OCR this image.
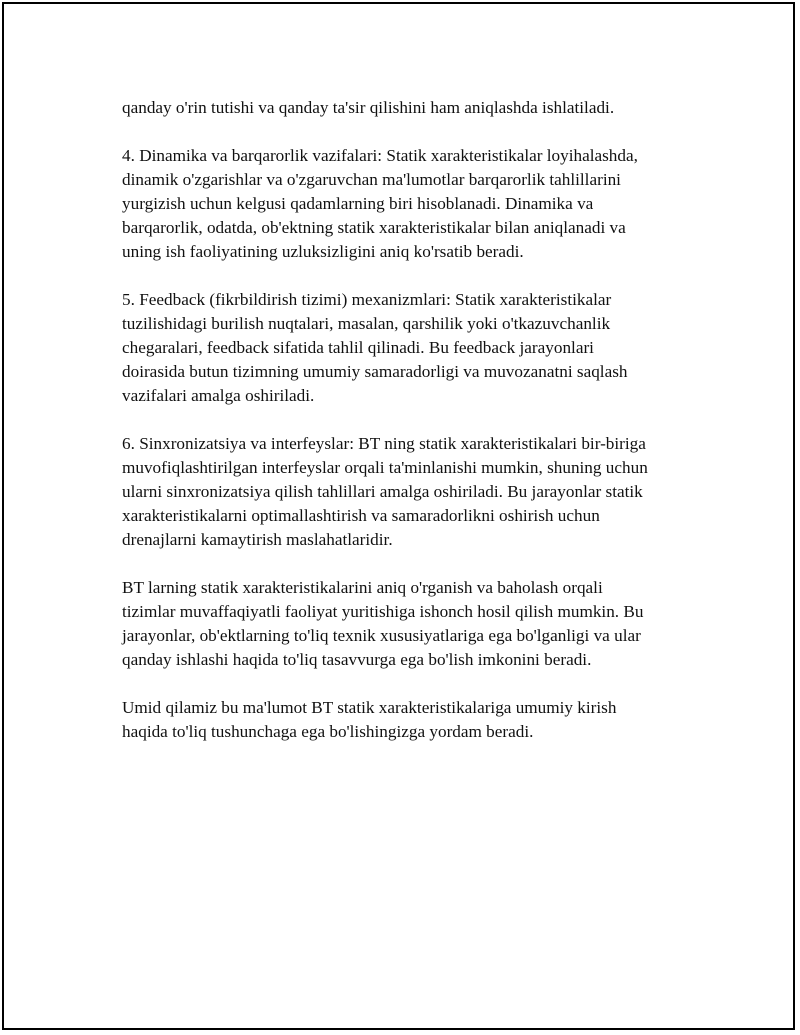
qanday o'rin tutishi va qanday ta'sir qilishini ham aniqlashda ishlatiladi.

4. Dinamika va barqarorlik vazifalari: Statik xarakteristikalar loyihalashda,
dinamik o'zgarishlar va o'zgaruvchan ma'lumotlar barqarorlik tahlillarini
yurgizish uchun kelgusi qadamlarning biri hisoblanadi. Dinamika va
barqarorlik, odatda, ob'ektning statik xarakteristikalar bilan aniqlanadi va
uning ish faoliyatining uzluksizligini aniq ko'rsatib beradi.

5. Feedback (fikrbildirish tizimi) mexanizmlari: Statik xarakteristikalar
tuzilishidagi burilish nuqtalari, masalan, qarshilik yoki o'tkazuvchanlik
chegaralari, feedback sifatida tahlil qilinadi. Bu feedback jarayonlari
doirasida butun tizimning umumiy samaradorligi va muvozanatni saqlash
vazifalari amalga oshiriladi.

6. Sinxronizatsiya va interfeyslar: BT ning statik xarakteristikalari bir-biriga
muvofiqlashtirilgan interfeyslar orqali ta'minlanishi mumkin, shuning uchun
ularni sinxronizatsiya qilish tahlillari amalga oshiriladi. Bu jarayonlar statik
xarakteristikalarni optimallashtirish va samaradorlikni oshirish uchun
drenajlarni kamaytirish maslahatlaridir.

BT larning statik xarakteristikalarini aniq o'rganish va baholash orqali
tizimlar muvaffaqiyatli faoliyat yuritishiga ishonch hosil qilish mumkin. Bu
jarayonlar, ob'ektlarning to'liq texnik xususiyatlariga ega bo'lganligi va ular
qanday ishlashi haqida to'liq tasavvurga ega bo'lish imkonini beradi.

Umid qilamiz bu ma'lumot BT statik xarakteristikalariga umumiy kirish
haqida to'liq tushunchaga ega bo'lishingizga yordam beradi.
